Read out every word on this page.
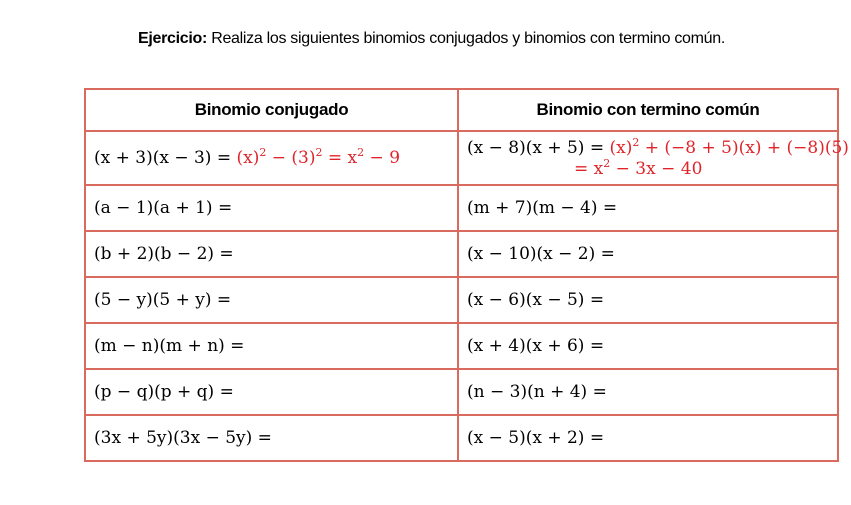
Ejercicio: Realiza los siguientes binomios conjugados y binomios con termino común.
Binomio conjugado	Binomio con termino común
$(x + 3)(x - 3) = (x)^2 - (3)^2 = x^2 - 9$	$(x - 8)(x + 5) = (x)^2 + (-8 + 5)(x) + (-8)(5)$
= $x^2 - 3x - 40$

(a − 1)(a + 1) =	(m + 7)(m − 4) =
(b + 2)(b − 2) =	(x − 10)(x − 2) =
(5 − y)(5 + y) =	(x − 6)(x − 5) =
(m − n)(m + n) =	(x + 4)(x + 6) =
(p − q)(p + q) =	(n − 3)(n + 4) =
(3x + 5y)(3x − 5y) =	(x − 5)(x + 2) =
